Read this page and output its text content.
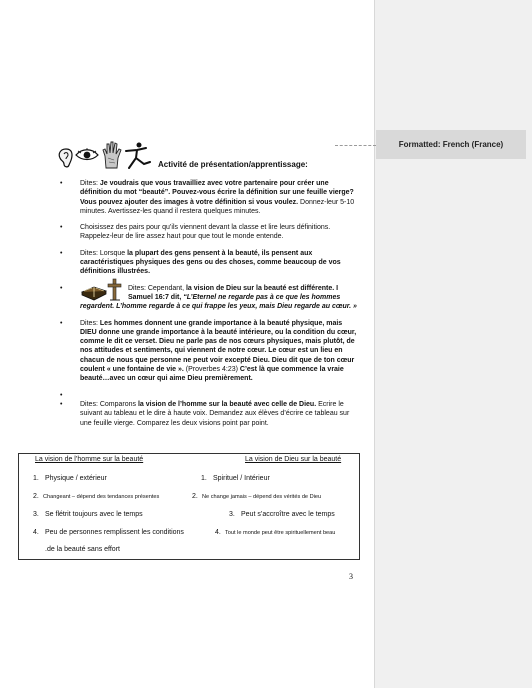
Formatted: French (France)
Activité de présentation/apprentissage:
•	Dites: Je voudrais que vous travailliez avec votre partenaire pour créer une définition du mot “beauté”. Pouvez-vous écrire la définition sur une feuille vierge? Vous pouvez ajouter des images à votre définition si vous voulez. Donnez-leur 5-10 minutes. Avertissez-les quand il restera quelques minutes.
•	Choisissez des pairs pour qu’ils viennent devant la classe et lire leurs définitions. Rappelez-leur de lire assez haut pour que tout le monde entende.
•	Dites: Lorsque la plupart des gens pensent à la beauté, ils pensent aux caractéristiques physiques des gens ou des choses, comme beaucoup de vos définitions illustrées.
•	Dites: Cependant, la vision de Dieu sur la beauté est différente. I Samuel 16:7 dit, “L’Eternel ne regarde pas à ce que les hommes regardent. L’homme regarde à ce qui frappe les yeux, mais Dieu regarde au cœur. »
•	Dites: Les hommes donnent une grande importance à la beauté physique, mais DIEU donne une grande importance à la beauté intérieure, ou la condition du cœur, comme le dit ce verset. Dieu ne parle pas de nos cœurs physiques, mais plutôt, de nos attitudes et sentiments, qui viennent de notre cœur. Le cœur est un lieu en chacun de nous que personne ne peut voir excepté Dieu. Dieu dit que de ton cœur coulent « une fontaine de vie ». (Proverbes 4:23) C’est là que commence la vraie beauté…avec un cœur qui aime Dieu premièrement.
•

•	Dites: Comparons la vision de l’homme sur la beauté avec celle de Dieu. Ecrire le suivant au tableau et le dire à haute voix. Demandez aux élèves d’écrire ce tableau sur une feuille vierge. Comparez les deux visions point par point.
La vision de l’homme sur la beauté	La vision de Dieu sur la beauté
1. Physique / extérieur	1. Spirituel / Intérieur
2. Changeant – dépend des tendances présentes	2. Ne change jamais – dépend des vérités de Dieu
3. Se flétrit toujours avec le temps	3. Peut s’accroître avec le temps
4. Peu de personnes remplissent les conditions	4. Tout le monde peut être spirituellement beau
.de la beauté sans effort
3
